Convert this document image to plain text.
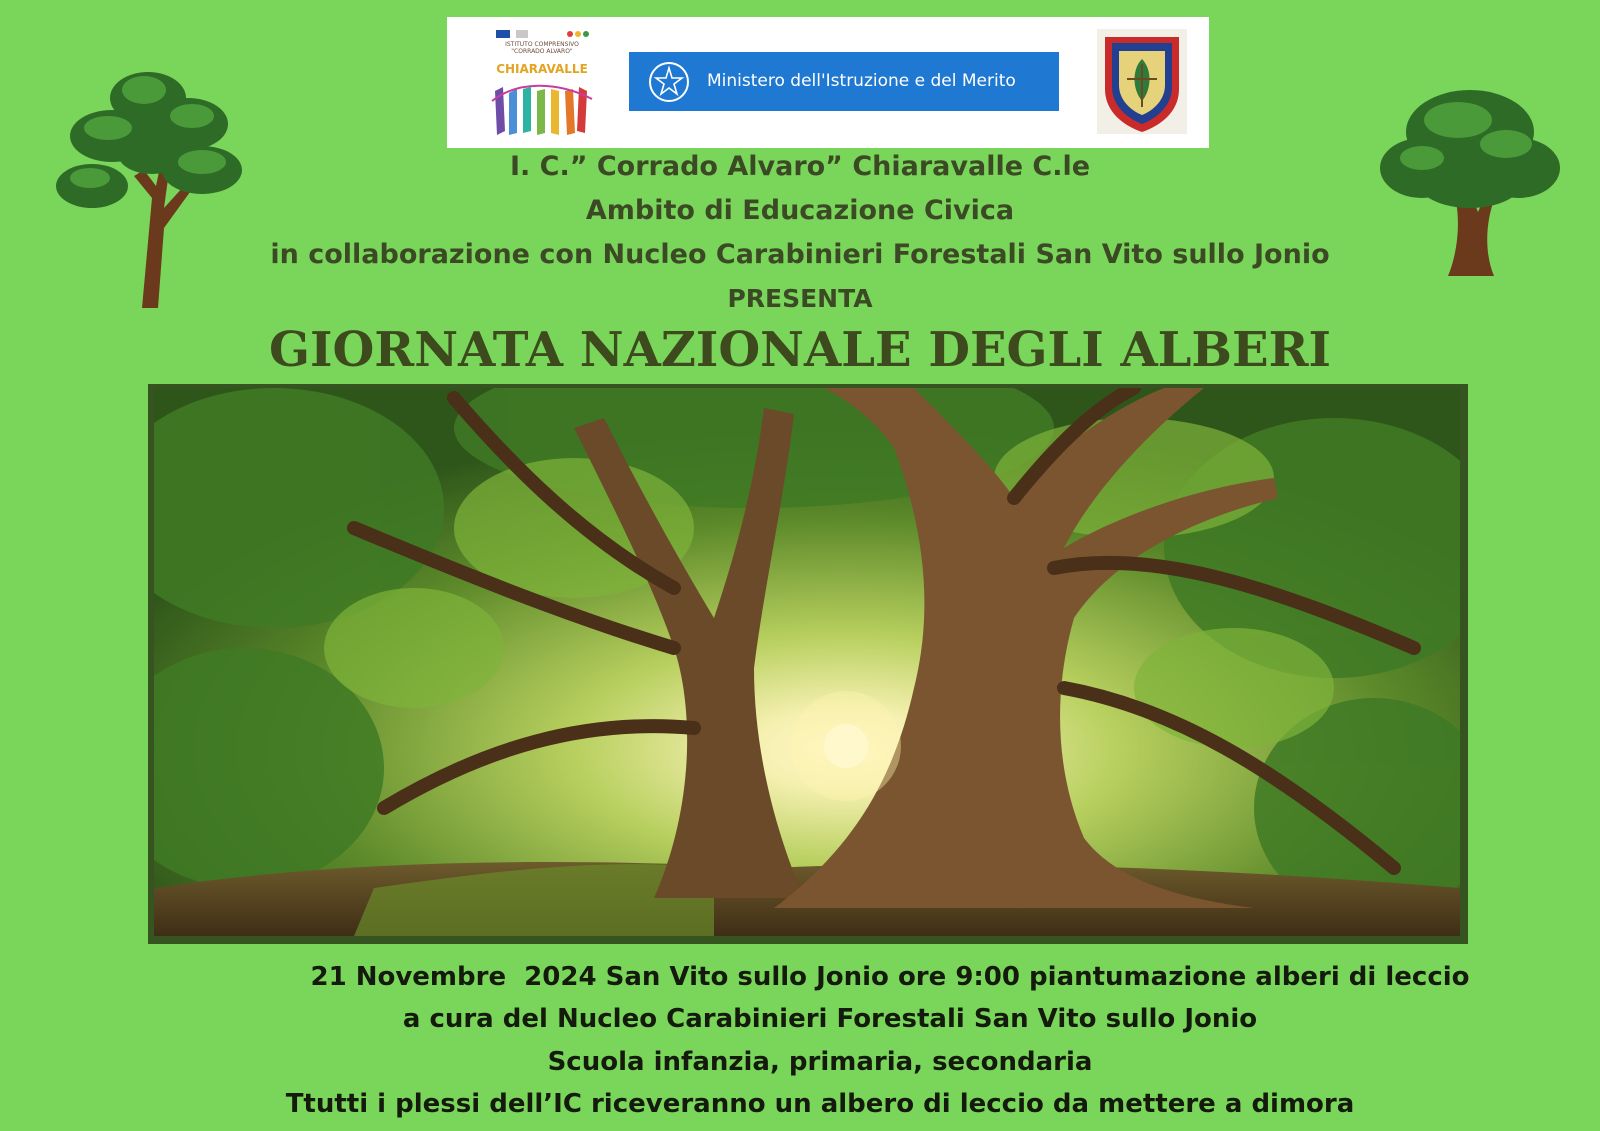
ISTITUTO COMPRENSIVO
"CORRADO ALVARO"
CHIARAVALLE
Ministero dell'Istruzione e del Merito
I. C.” Corrado Alvaro” Chiaravalle C.le
Ambito di Educazione Civica
in collaborazione con Nucleo Carabinieri Forestali San Vito sullo Jonio
PRESENTA
GIORNATA NAZIONALE DEGLI ALBERI
21 Novembre  2024 San Vito sullo Jonio ore 9:00 piantumazione alberi di leccio
a cura del Nucleo Carabinieri Forestali San Vito sullo Jonio
Scuola infanzia, primaria, secondaria
Ttutti i plessi dell’IC riceveranno un albero di leccio da mettere a dimora
